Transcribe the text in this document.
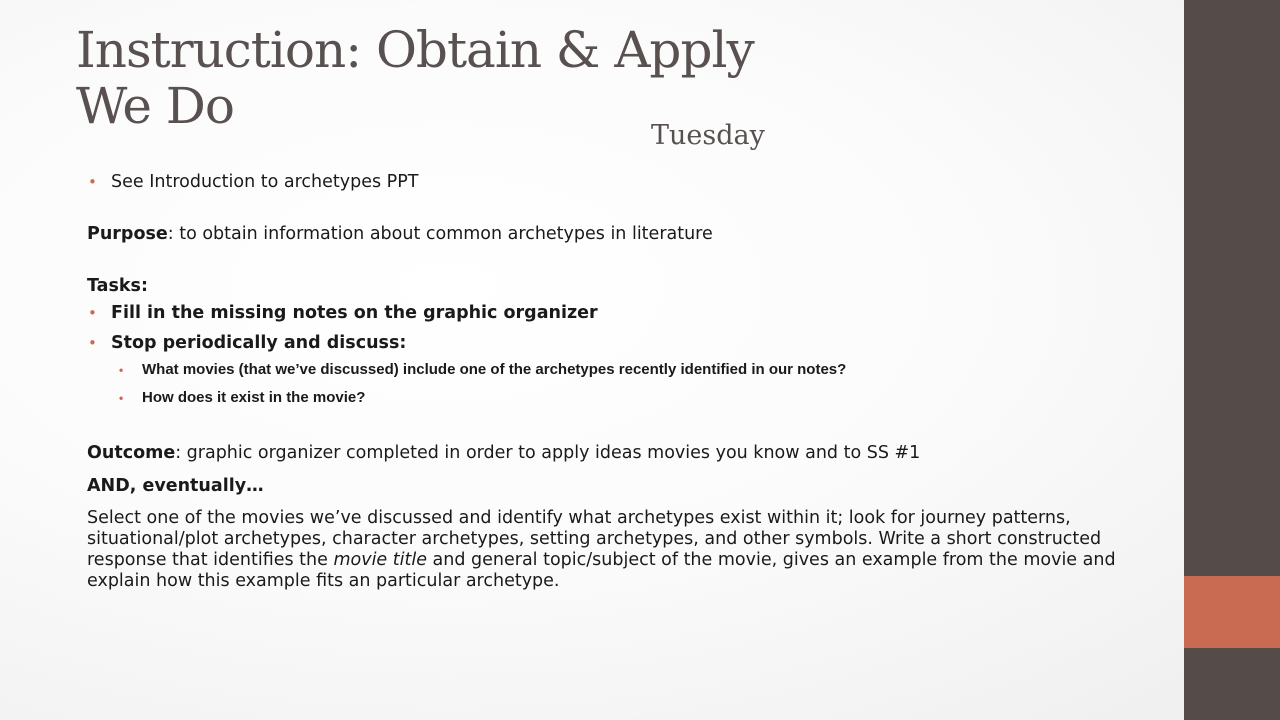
Instruction: Obtain & Apply
We Do
Tuesday
• See Introduction to archetypes PPT
Purpose: to obtain information about common archetypes in literature
Tasks:
• Fill in the missing notes on the graphic organizer
• Stop periodically and discuss:
• What movies (that we’ve discussed) include one of the archetypes recently identified in our notes?
• How does it exist in the movie?
Outcome: graphic organizer completed in order to apply ideas movies you know and to SS #1
AND, eventually…
Select one of the movies we’ve discussed and identify what archetypes exist within it; look for journey patterns, situational/plot archetypes, character archetypes, setting archetypes, and other symbols. Write a short constructed response that identifies the movie title and general topic/subject of the movie, gives an example from the movie and explain how this example fits an particular archetype.
